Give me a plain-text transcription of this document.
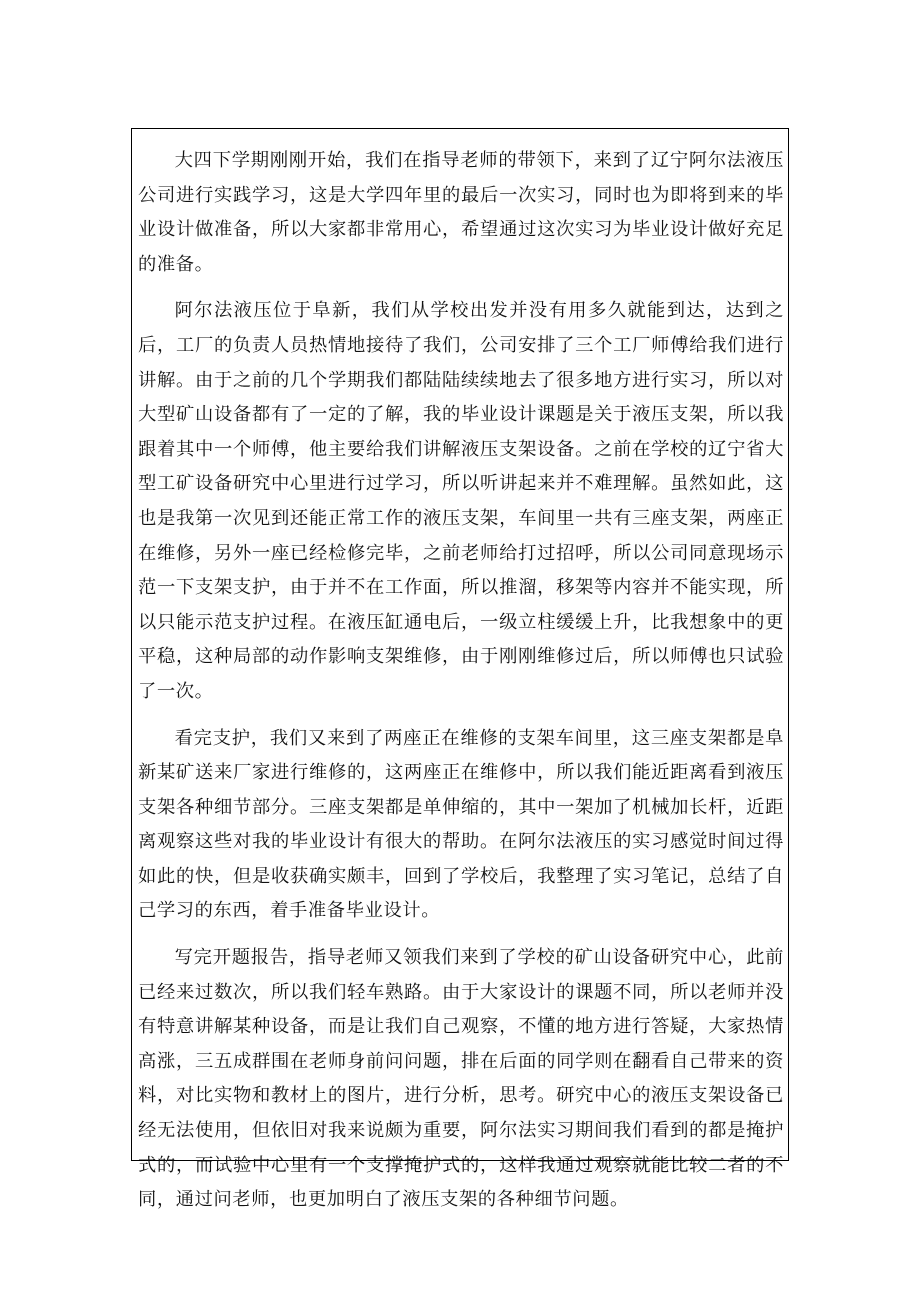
大四下学期刚刚开始，我们在指导老师的带领下，来到了辽宁阿尔法液压公司进行实践学习，这是大学四年里的最后一次实习，同时也为即将到来的毕业设计做准备，所以大家都非常用心，希望通过这次实习为毕业设计做好充足的准备。

阿尔法液压位于阜新，我们从学校出发并没有用多久就能到达，达到之后，工厂的负责人员热情地接待了我们，公司安排了三个工厂师傅给我们进行讲解。由于之前的几个学期我们都陆陆续续地去了很多地方进行实习，所以对大型矿山设备都有了一定的了解，我的毕业设计课题是关于液压支架，所以我跟着其中一个师傅，他主要给我们讲解液压支架设备。之前在学校的辽宁省大型工矿设备研究中心里进行过学习，所以听讲起来并不难理解。虽然如此，这也是我第一次见到还能正常工作的液压支架，车间里一共有三座支架，两座正在维修，另外一座已经检修完毕，之前老师给打过招呼，所以公司同意现场示范一下支架支护，由于并不在工作面，所以推溜，移架等内容并不能实现，所以只能示范支护过程。在液压缸通电后，一级立柱缓缓上升，比我想象中的更平稳，这种局部的动作影响支架维修，由于刚刚维修过后，所以师傅也只试验了一次。

看完支护，我们又来到了两座正在维修的支架车间里，这三座支架都是阜新某矿送来厂家进行维修的，这两座正在维修中，所以我们能近距离看到液压支架各种细节部分。三座支架都是单伸缩的，其中一架加了机械加长杆，近距离观察这些对我的毕业设计有很大的帮助。在阿尔法液压的实习感觉时间过得如此的快，但是收获确实颇丰，回到了学校后，我整理了实习笔记，总结了自己学习的东西，着手准备毕业设计。

写完开题报告，指导老师又领我们来到了学校的矿山设备研究中心，此前已经来过数次，所以我们轻车熟路。由于大家设计的课题不同，所以老师并没有特意讲解某种设备，而是让我们自己观察，不懂的地方进行答疑，大家热情高涨，三五成群围在老师身前问问题，排在后面的同学则在翻看自己带来的资料，对比实物和教材上的图片，进行分析，思考。研究中心的液压支架设备已经无法使用，但依旧对我来说颇为重要，阿尔法实习期间我们看到的都是掩护式的，而试验中心里有一个支撑掩护式的，这样我通过观察就能比较二者的不同，通过问老师，也更加明白了液压支架的各种细节问题。
